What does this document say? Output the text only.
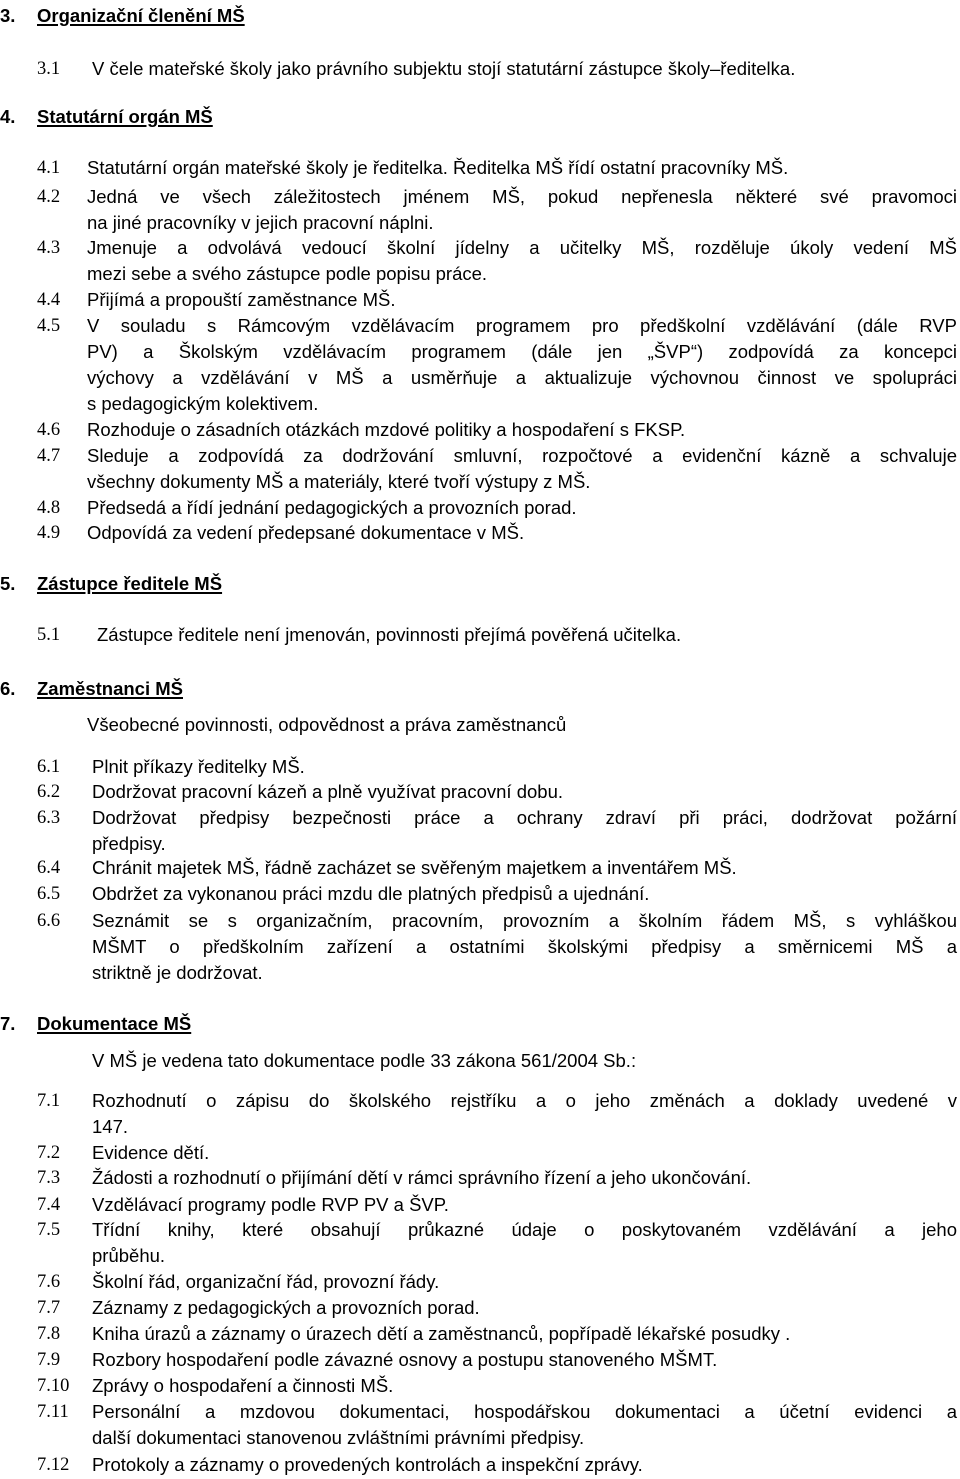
3. Organizační členění MŠ
3.1 V čele mateřské školy jako právního subjektu stojí statutární zástupce školy–ředitelka.
4. Statutární orgán MŠ
4.1 Statutární orgán mateřské školy je ředitelka. Ředitelka MŠ řídí ostatní pracovníky MŠ.
4.2 Jedná ve všech záležitostech jménem MŠ, pokud nepřenesla některé své pravomoci
na jiné pracovníky v jejich pracovní náplni.
4.3 Jmenuje a odvolává vedoucí školní jídelny a učitelky MŠ, rozděluje úkoly vedení MŠ
mezi sebe a svého zástupce podle popisu práce.
4.4 Přijímá a propouští zaměstnance MŠ.
4.5 V souladu s Rámcovým vzdělávacím programem pro předškolní vzdělávání (dále RVP
PV) a Školským vzdělávacím programem (dále jen „ŠVP“) zodpovídá za koncepci
výchovy a vzdělávání v MŠ a usměrňuje a aktualizuje výchovnou činnost ve spolupráci
s pedagogickým kolektivem.
4.6 Rozhoduje o zásadních otázkách mzdové politiky a hospodaření s FKSP.
4.7 Sleduje a zodpovídá za dodržování smluvní, rozpočtové a evidenční kázně a schvaluje
všechny dokumenty MŠ a materiály, které tvoří výstupy z MŠ.
4.8 Předsedá a řídí jednání pedagogických a provozních porad.
4.9 Odpovídá za vedení předepsané dokumentace v MŠ.
5. Zástupce ředitele MŠ
5.1 Zástupce ředitele není jmenován, povinnosti přejímá pověřená učitelka.
6. Zaměstnanci MŠ
Všeobecné povinnosti, odpovědnost a práva zaměstnanců
6.1 Plnit příkazy ředitelky MŠ.
6.2 Dodržovat pracovní kázeň a plně využívat pracovní dobu.
6.3 Dodržovat předpisy bezpečnosti práce a ochrany zdraví při práci, dodržovat požární
předpisy.
6.4 Chránit majetek MŠ, řádně zacházet se svěřeným majetkem a inventářem MŠ.
6.5 Obdržet za vykonanou práci mzdu dle platných předpisů a ujednání.
6.6 Seznámit se s organizačním, pracovním, provozním a školním řádem MŠ, s vyhláškou
MŠMT o předškolním zařízení a ostatními školskými předpisy a směrnicemi MŠ a
striktně je dodržovat.
7. Dokumentace MŠ
V MŠ je vedena tato dokumentace podle 33 zákona 561/2004 Sb.:
7.1 Rozhodnutí o zápisu do školského rejstříku a o jeho změnách a doklady uvedené v
147.
7.2 Evidence dětí.
7.3 Žádosti a rozhodnutí o přijímání dětí v rámci správního řízení a jeho ukončování.
7.4 Vzdělávací programy podle RVP PV a ŠVP.
7.5 Třídní knihy, které obsahují průkazné údaje o poskytovaném vzdělávání a jeho
průběhu.
7.6 Školní řád, organizační řád, provozní řády.
7.7 Záznamy z pedagogických a provozních porad.
7.8 Kniha úrazů a záznamy o úrazech dětí a zaměstnanců, popřípadě lékařské posudky .
7.9 Rozbory hospodaření podle závazné osnovy a postupu stanoveného MŠMT.
7.10 Zprávy o hospodaření a činnosti MŠ.
7.11 Personální a mzdovou dokumentaci, hospodářskou dokumentaci a účetní evidenci a
další dokumentaci stanovenou zvláštními právními předpisy.
7.12 Protokoly a záznamy o provedených kontrolách a inspekční zprávy.
